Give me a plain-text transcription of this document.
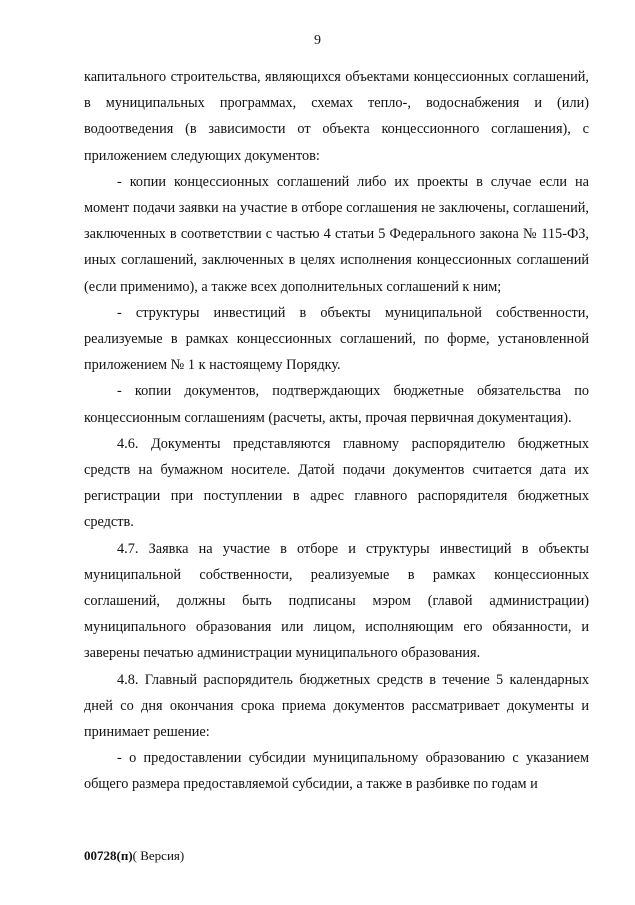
9

капитального строительства, являющихся объектами концессионных соглашений, в муниципальных программах, схемах тепло-, водоснабжения и (или) водоотведения (в зависимости от объекта концессионного соглашения), с приложением следующих документов:

- копии концессионных соглашений либо их проекты в случае если на момент подачи заявки на участие в отборе соглашения не заключены, соглашений, заключенных в соответствии с частью 4 статьи 5 Федерального закона № 115-ФЗ, иных соглашений, заключенных в целях исполнения концессионных соглашений (если применимо), а также всех дополнительных соглашений к ним;

- структуры инвестиций в объекты муниципальной собственности, реализуемые в рамках концессионных соглашений, по форме, установленной приложением № 1 к настоящему Порядку.

- копии документов, подтверждающих бюджетные обязательства по концессионным соглашениям (расчеты, акты, прочая первичная документация).

4.6. Документы представляются главному распорядителю бюджетных средств на бумажном носителе. Датой подачи документов считается дата их регистрации при поступлении в адрес главного распорядителя бюджетных средств.

4.7. Заявка на участие в отборе и структуры инвестиций в объекты муниципальной собственности, реализуемые в рамках концессионных соглашений, должны быть подписаны мэром (главой администрации) муниципального образования или лицом, исполняющим его обязанности, и заверены печатью администрации муниципального образования.

4.8. Главный распорядитель бюджетных средств в течение 5 календарных дней со дня окончания срока приема документов рассматривает документы и принимает решение:

- о предоставлении субсидии муниципальному образованию с указанием общего размера предоставляемой субсидии, а также в разбивке по годам и

00728(п)( Версия)
